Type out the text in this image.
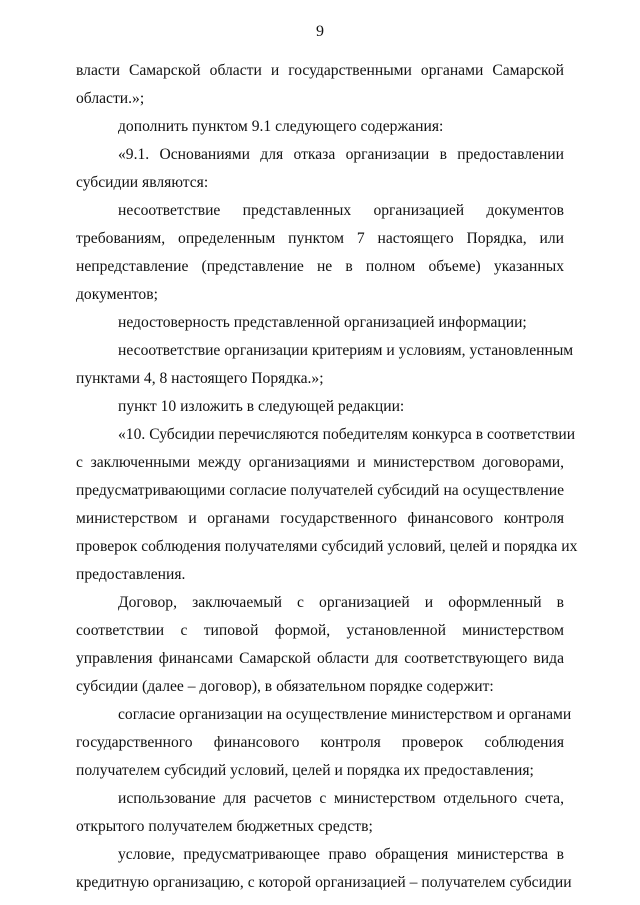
9
власти Самарской области и государственными органами Самарской
области.»;
дополнить пунктом 9.1 следующего содержания:
«9.1. Основаниями для отказа организации в предоставлении
субсидии являются:
несоответствие представленных организацией документов
требованиям, определенным пунктом 7 настоящего Порядка, или
непредставление (представление не в полном объеме) указанных
документов;
недостоверность представленной организацией информации;
несоответствие организации критериям и условиям, установленным
пунктами 4, 8 настоящего Порядка.»;
пункт 10 изложить в следующей редакции:
«10. Субсидии перечисляются победителям конкурса в соответствии
с заключенными между организациями и министерством договорами,
предусматривающими согласие получателей субсидий на осуществление
министерством и органами государственного финансового контроля
проверок соблюдения получателями субсидий условий, целей и порядка их
предоставления.
Договор, заключаемый с организацией и оформленный в
соответствии с типовой формой, установленной министерством
управления финансами Самарской области для соответствующего вида
субсидии (далее – договор), в обязательном порядке содержит:
согласие организации на осуществление министерством и органами
государственного финансового контроля проверок соблюдения
получателем субсидий условий, целей и порядка их предоставления;
использование для расчетов с министерством отдельного счета,
открытого получателем бюджетных средств;
условие, предусматривающее право обращения министерства в
кредитную организацию, с которой организацией – получателем субсидии
